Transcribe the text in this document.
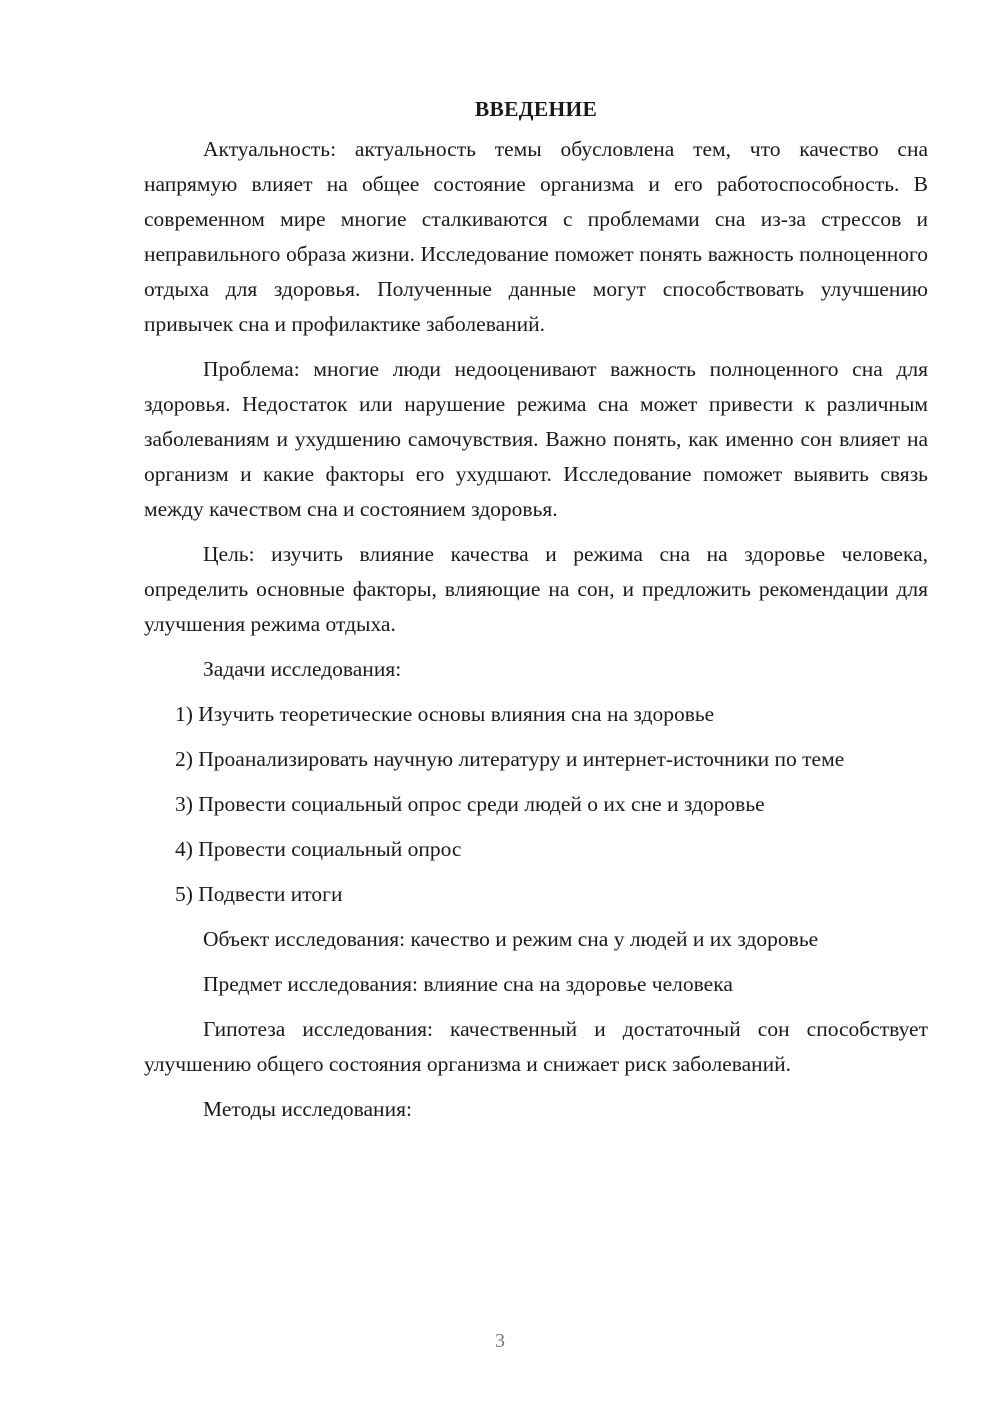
ВВЕДЕНИЕ

Актуальность: актуальность темы обусловлена тем, что качество сна напрямую влияет на общее состояние организма и его работоспособность. В современном мире многие сталкиваются с проблемами сна из-за стрессов и неправильного образа жизни. Исследование поможет понять важность полноценного отдыха для здоровья. Полученные данные могут способствовать улучшению привычек сна и профилактике заболеваний.

Проблема: многие люди недооценивают важность полноценного сна для здоровья. Недостаток или нарушение режима сна может привести к различным заболеваниям и ухудшению самочувствия. Важно понять, как именно сон влияет на организм и какие факторы его ухудшают. Исследование поможет выявить связь между качеством сна и состоянием здоровья.

Цель: изучить влияние качества и режима сна на здоровье человека, определить основные факторы, влияющие на сон, и предложить рекомендации для улучшения режима отдыха.

Задачи исследования:

1) Изучить теоретические основы влияния сна на здоровье

2) Проанализировать научную литературу и интернет-источники по теме

3) Провести социальный опрос среди людей о их сне и здоровье

4) Провести социальный опрос

5) Подвести итоги

Объект исследования: качество и режим сна у людей и их здоровье

Предмет исследования: влияние сна на здоровье человека

Гипотеза исследования: качественный и достаточный сон способствует улучшению общего состояния организма и снижает риск заболеваний.

Методы исследования:

3
